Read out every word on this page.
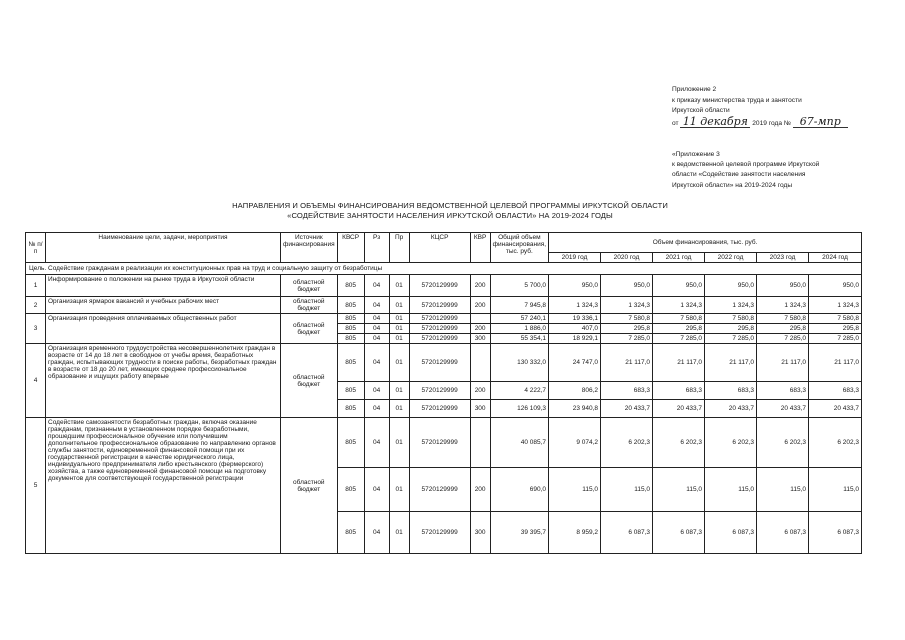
Приложение 2
к приказу министерства труда и занятости
Иркутской области
от 11 декабря 2019 года № 67-мпр
«Приложение 3
к ведомственной целевой программе Иркутской
области «Содействие занятости населения
Иркутской области» на 2019-2024 годы
НАПРАВЛЕНИЯ И ОБЪЕМЫ ФИНАНСИРОВАНИЯ ВЕДОМСТВЕННОЙ ЦЕЛЕВОЙ ПРОГРАММЫ ИРКУТСКОЙ ОБЛАСТИ
«СОДЕЙСТВИЕ ЗАНЯТОСТИ НАСЕЛЕНИЯ ИРКУТСКОЙ ОБЛАСТИ» НА 2019-2024 ГОДЫ
№ п/п	Наименование цели, задачи, мероприятия	Источник финансирования	КВСР	Рз	Пр	КЦСР	КВР	Общий объем финансирования, тыс. руб.	Объем финансирования, тыс. руб.					
									2019 год	2020 год	2021 год	2022 год	2023 год	2024 год
Цель. Содействие гражданам в реализации их конституционных прав на труд и социальную защиту от безработицы														
1	Информирование о положении на рынке труда в Иркутской области	областной бюджет	805	04	01	5720129999	200	5 700,0	950,0	950,0	950,0	950,0	950,0	950,0
2	Организация ярмарок вакансий и учебных рабочих мест	областной бюджет	805	04	01	5720129999	200	7 945,8	1 324,3	1 324,3	1 324,3	1 324,3	1 324,3	1 324,3
3	Организация проведения оплачиваемых общественных работ	областной бюджет	805	04	01	5720129999		57 240,1	19 336,1	7 580,8	7 580,8	7 580,8	7 580,8	7 580,8
			805	04	01	5720129999	200	1 886,0	407,0	295,8	295,8	295,8	295,8	295,8
			805	04	01	5720129999	300	55 354,1	18 929,1	7 285,0	7 285,0	7 285,0	7 285,0	7 285,0
4	Организация временного трудоустройства несовершеннолетних граждан в возрасте от 14 до 18 лет в свободное от учебы время, безработных граждан, испытывающих трудности в поиске работы, безработных граждан в возрасте от 18 до 20 лет, имеющих среднее профессиональное образование и ищущих работу впервые	областной бюджет	805	04	01	5720129999		130 332,0	24 747,0	21 117,0	21 117,0	21 117,0	21 117,0	21 117,0
			805	04	01	5720129999	200	4 222,7	806,2	683,3	683,3	683,3	683,3	683,3
			805	04	01	5720129999	300	126 109,3	23 940,8	20 433,7	20 433,7	20 433,7	20 433,7	20 433,7
5	Содействие самозанятости безработных граждан, включая оказание гражданам, признанным в установленном порядке безработными, прошедшим профессиональное обучение или получившим дополнительное профессиональное образование по направлению органов службы занятости, единовременной финансовой помощи при их государственной регистрации в качестве юридического лица, индивидуального предпринимателя либо крестьянского (фермерского) хозяйства, а также единовременной финансовой помощи на подготовку документов для соответствующей государственной регистрации	областной бюджет	805	04	01	5720129999		40 085,7	9 074,2	6 202,3	6 202,3	6 202,3	6 202,3	6 202,3
			805	04	01	5720129999	200	690,0	115,0	115,0	115,0	115,0	115,0	115,0
			805	04	01	5720129999	300	39 395,7	8 959,2	6 087,3	6 087,3	6 087,3	6 087,3	6 087,3
